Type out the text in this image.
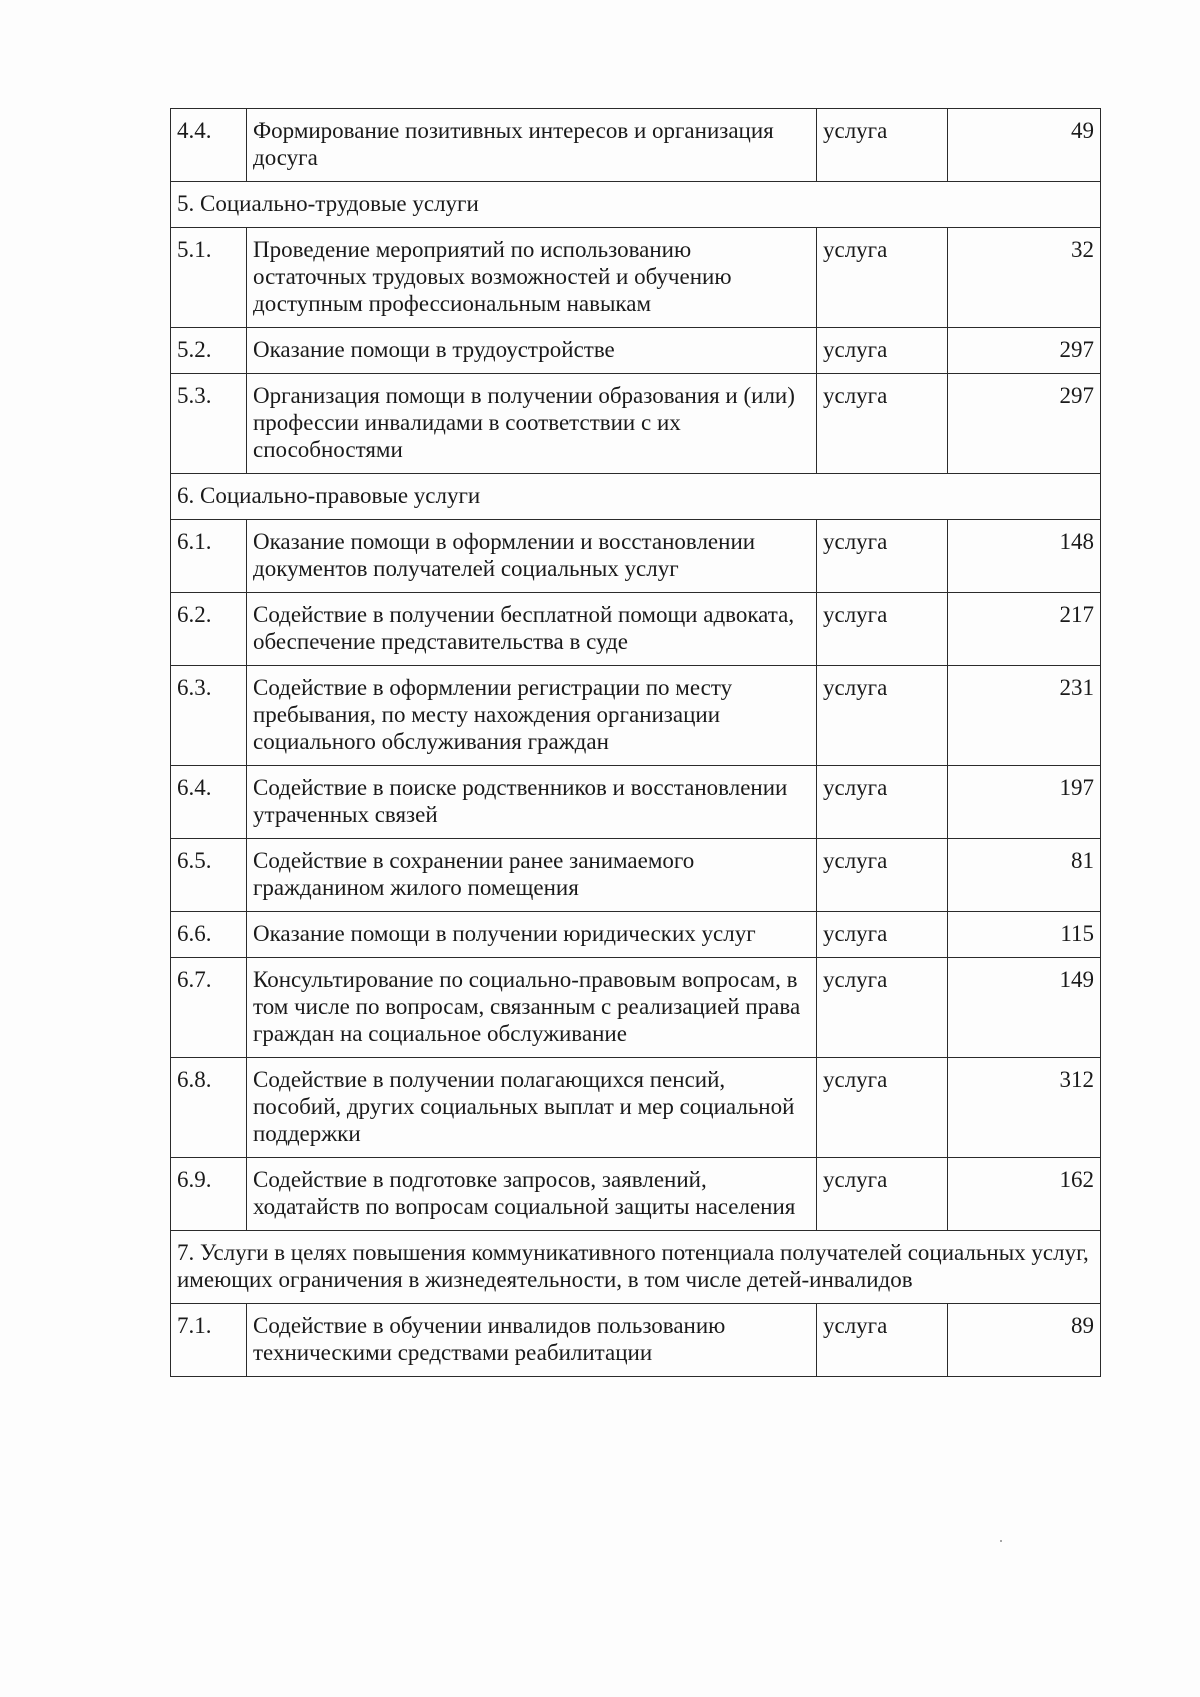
4.4.	Формирование позитивных интересов и организация досуга	услуга	49
5. Социально-трудовые услуги			
5.1.	Проведение мероприятий по использованию остаточных трудовых возможностей и обучению доступным профессиональным навыкам	услуга	32
5.2.	Оказание помощи в трудоустройстве	услуга	297
5.3.	Организация помощи в получении образования и (или) профессии инвалидами в соответствии с их способностями	услуга	297
6. Социально-правовые услуги			
6.1.	Оказание помощи в оформлении и восстановлении документов получателей социальных услуг	услуга	148
6.2.	Содействие в получении бесплатной помощи адвоката, обеспечение представительства в суде	услуга	217
6.3.	Содействие в оформлении регистрации по месту пребывания, по месту нахождения организации социального обслуживания граждан	услуга	231
6.4.	Содействие в поиске родственников и восстановлении утраченных связей	услуга	197
6.5.	Содействие в сохранении ранее занимаемого гражданином жилого помещения	услуга	81
6.6.	Оказание помощи в получении юридических услуг	услуга	115
6.7.	Консультирование по социально-правовым вопросам, в том числе по вопросам, связанным с реализацией права граждан на социальное обслуживание	услуга	149
6.8.	Содействие в получении полагающихся пенсий, пособий, других социальных выплат и мер социальной поддержки	услуга	312
6.9.	Содействие в подготовке запросов, заявлений, ходатайств по вопросам социальной защиты населения	услуга	162
7. Услуги в целях повышения коммуникативного потенциала получателей социальных услуг, имеющих ограничения в жизнедеятельности, в том числе детей-инвалидов			
7.1.	Содействие в обучении инвалидов пользованию техническими средствами реабилитации	услуга	89
